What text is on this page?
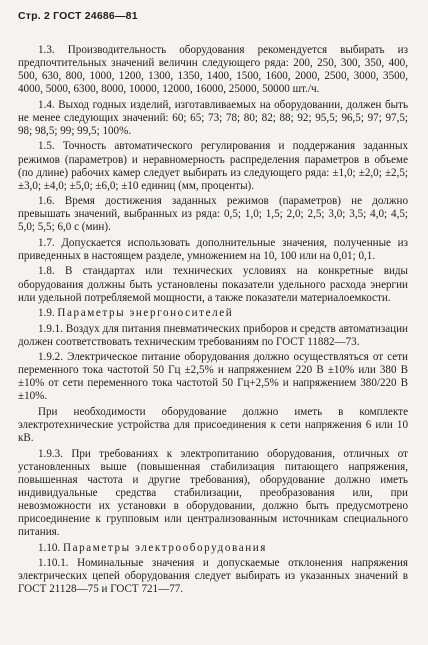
Стр. 2 ГОСТ 24686—81

1.3. Производительность оборудования рекомендуется выбирать из предпочтительных значений величин следующего ряда: 200, 250, 300, 350, 400, 500, 630, 800, 1000, 1200, 1300, 1350, 1400, 1500, 1600, 2000, 2500, 3000, 3500, 4000, 5000, 6300, 8000, 10000, 12000, 16000, 25000, 50000 шт./ч.

1.4. Выход годных изделий, изготавливаемых на оборудовании, должен быть не менее следующих значений: 60; 65; 73; 78; 80; 82; 88; 92; 95,5; 96,5; 97; 97,5; 98; 98,5; 99; 99,5; 100%.

1.5. Точность автоматического регулирования и поддержания заданных режимов (параметров) и неравномерность распределения параметров в объеме (по длине) рабочих камер следует выбирать из следующего ряда: ±1,0; ±2,0; ±2,5; ±3,0; ±4,0; ±5,0; ±6,0; ±10 единиц (мм, проценты).

1.6. Время достижения заданных режимов (параметров) не должно превышать значений, выбранных из ряда: 0,5; 1,0; 1,5; 2,0; 2,5; 3,0; 3,5; 4,0; 4,5; 5,0; 5,5; 6,0 с (мин).

1.7. Допускается использовать дополнительные значения, полученные из приведенных в настоящем разделе, умножением на 10, 100 или на 0,01; 0,1.

1.8. В стандартах или технических условиях на конкретные виды оборудования должны быть установлены показатели удельного расхода энергии или удельной потребляемой мощности, а также показатели материалоемкости.

1.9. Параметры энергоносителей

1.9.1. Воздух для питания пневматических приборов и средств автоматизации должен соответствовать техническим требованиям по ГОСТ 11882—73.

1.9.2. Электрическое питание оборудования должно осуществляться от сети переменного тока частотой 50 Гц ±2,5% и напряжением 220 В ±10% или 380 В ±10% от сети переменного тока частотой 50 Гц+2,5% и напряжением 380/220 В ±10%.

При необходимости оборудование должно иметь в комплекте электротехнические устройства для присоединения к сети напряжения 6 или 10 кВ.

1.9.3. При требованиях к электропитанию оборудования, отличных от установленных выше (повышенная стабилизация питающего напряжения, повышенная частота и другие требования), оборудование должно иметь индивидуальные средства стабилизации, преобразования или, при невозможности их установки в оборудовании, должно быть предусмотрено присоединение к групповым или централизованным источникам специального питания.

1.10. Параметры электрооборудования

1.10.1. Номинальные значения и допускаемые отклонения напряжения электрических цепей оборудования следует выбирать из указанных значений в ГОСТ 21128—75 и ГОСТ 721—77.
